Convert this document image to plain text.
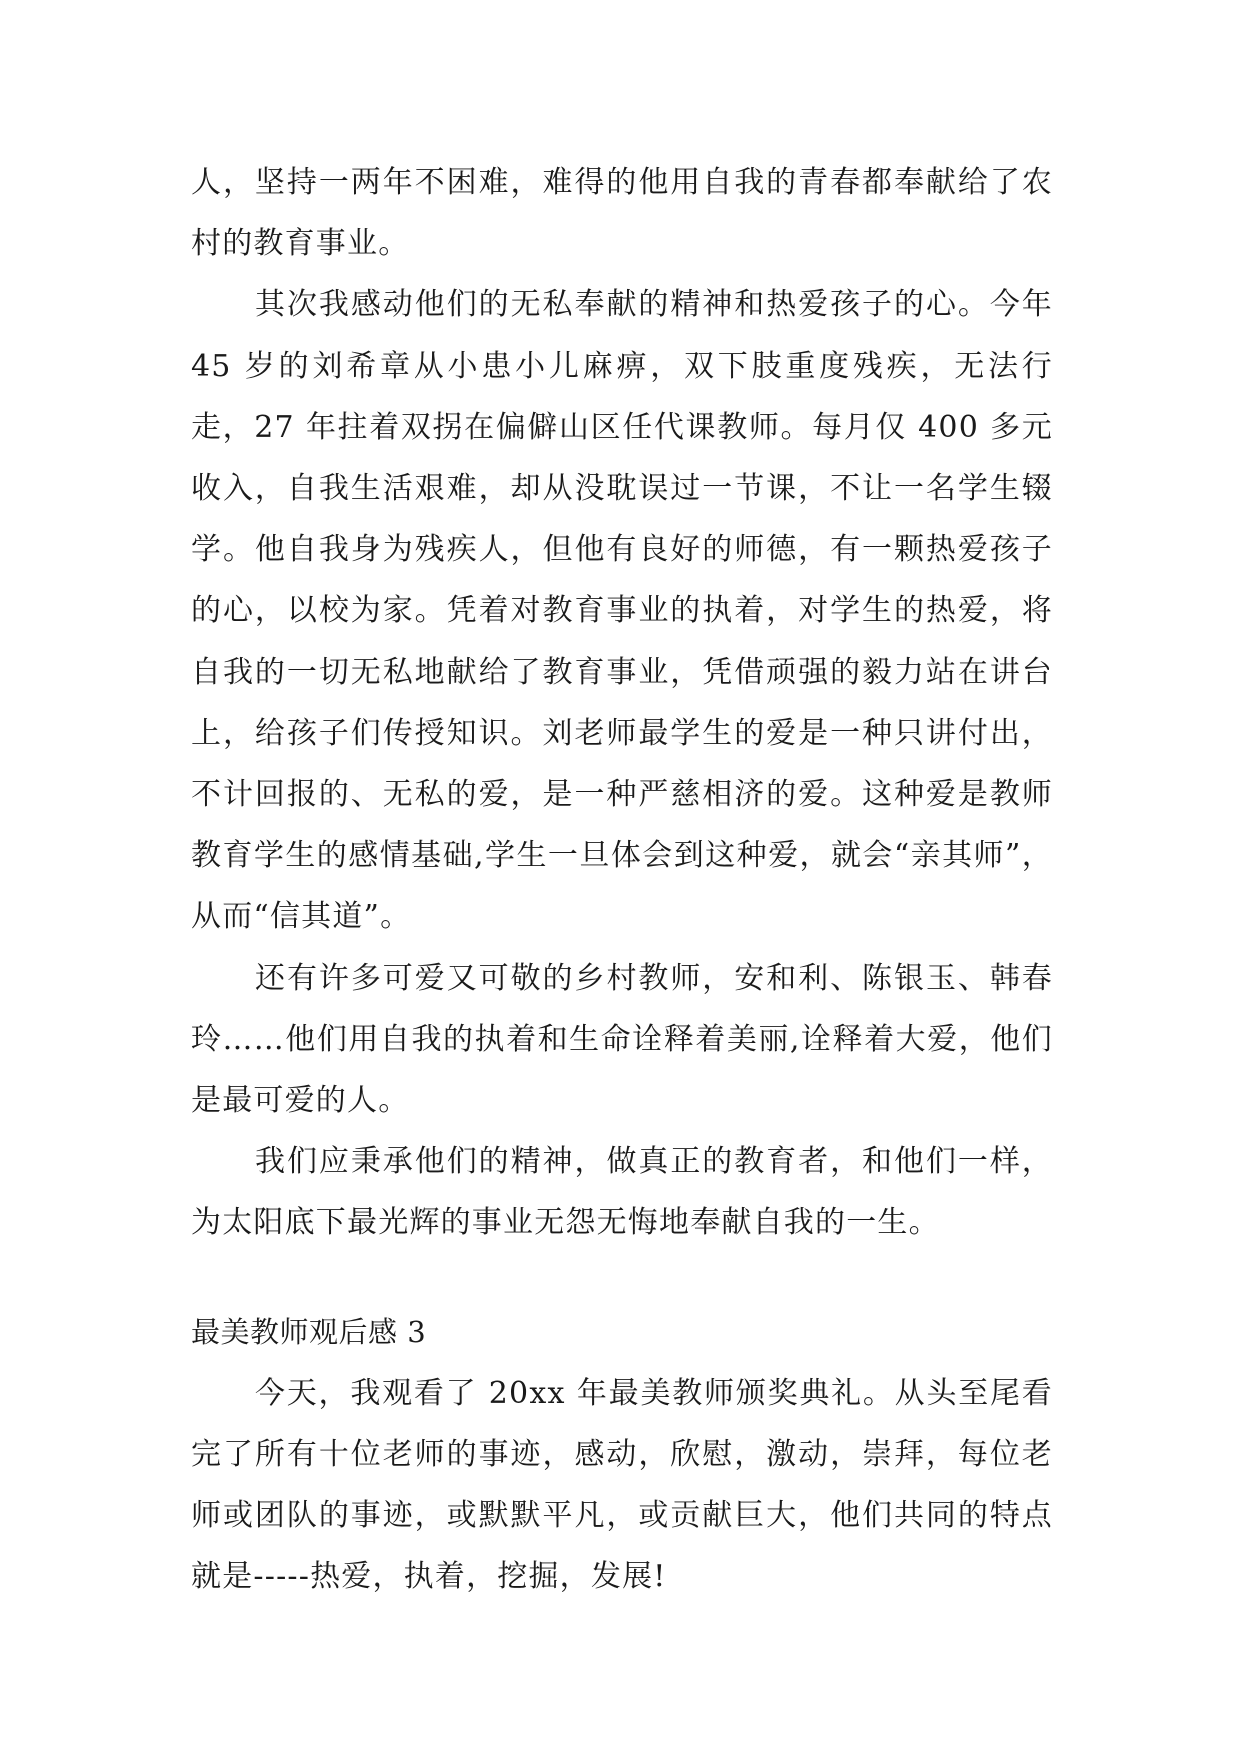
人，坚持一两年不困难，难得的他用自我的青春都奉献给了农村的教育事业。

其次我感动他们的无私奉献的精神和热爱孩子的心。今年 45 岁的刘希章从小患小儿麻痹，双下肢重度残疾，无法行走，27 年拄着双拐在偏僻山区任代课教师。每月仅 400 多元收入，自我生活艰难，却从没耽误过一节课，不让一名学生辍学。他自我身为残疾人，但他有良好的师德，有一颗热爱孩子的心，以校为家。凭着对教育事业的执着，对学生的热爱，将自我的一切无私地献给了教育事业，凭借顽强的毅力站在讲台上，给孩子们传授知识。刘老师最学生的爱是一种只讲付出，不计回报的、无私的爱，是一种严慈相济的爱。这种爱是教师教育学生的感情基础,学生一旦体会到这种爱，就会“亲其师”，从而“信其道”。

还有许多可爱又可敬的乡村教师，安和利、陈银玉、韩春玲……他们用自我的执着和生命诠释着美丽,诠释着大爱，他们是最可爱的人。

我们应秉承他们的精神，做真正的教育者，和他们一样，为太阳底下最光辉的事业无怨无悔地奉献自我的一生。

最美教师观后感 3

今天，我观看了 20xx 年最美教师颁奖典礼。从头至尾看完了所有十位老师的事迹，感动，欣慰，激动，崇拜，每位老师或团队的事迹，或默默平凡，或贡献巨大，他们共同的特点就是-----热爱，执着，挖掘，发展!
